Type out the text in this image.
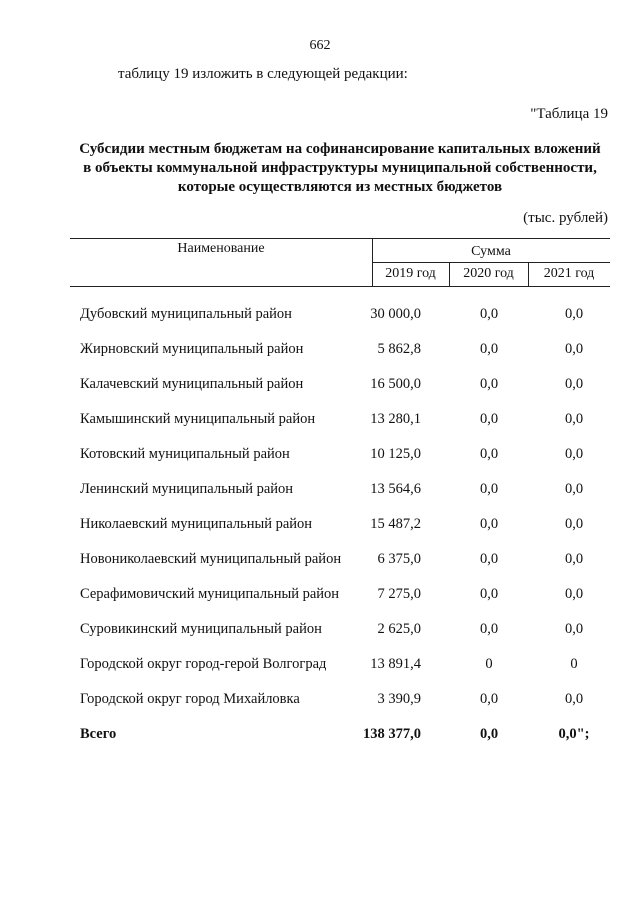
662
таблицу 19 изложить в следующей редакции:
"Таблица 19
Субсидии местным бюджетам на софинансирование капитальных вложений
в объекты коммунальной инфраструктуры муниципальной собственности,
которые осуществляются из местных бюджетов
(тыс. рублей)
Наименование	Сумма
2019 год	2020 год	2021 год
Дубовский муниципальный район	30 000,0	0,0	0,0
Жирновский муниципальный район	5 862,8	0,0	0,0
Калачевский муниципальный район	16 500,0	0,0	0,0
Камышинский муниципальный район	13 280,1	0,0	0,0
Котовский муниципальный район	10 125,0	0,0	0,0
Ленинский муниципальный район	13 564,6	0,0	0,0
Николаевский муниципальный район	15 487,2	0,0	0,0
Новониколаевский муниципальный район	6 375,0	0,0	0,0
Серафимовичский муниципальный район	7 275,0	0,0	0,0
Суровикинский муниципальный район	2 625,0	0,0	0,0
Городской округ город-герой Волгоград	13 891,4	0	0
Городской округ город Михайловка	3 390,9	0,0	0,0
Всего	138 377,0	0,0	0,0";
